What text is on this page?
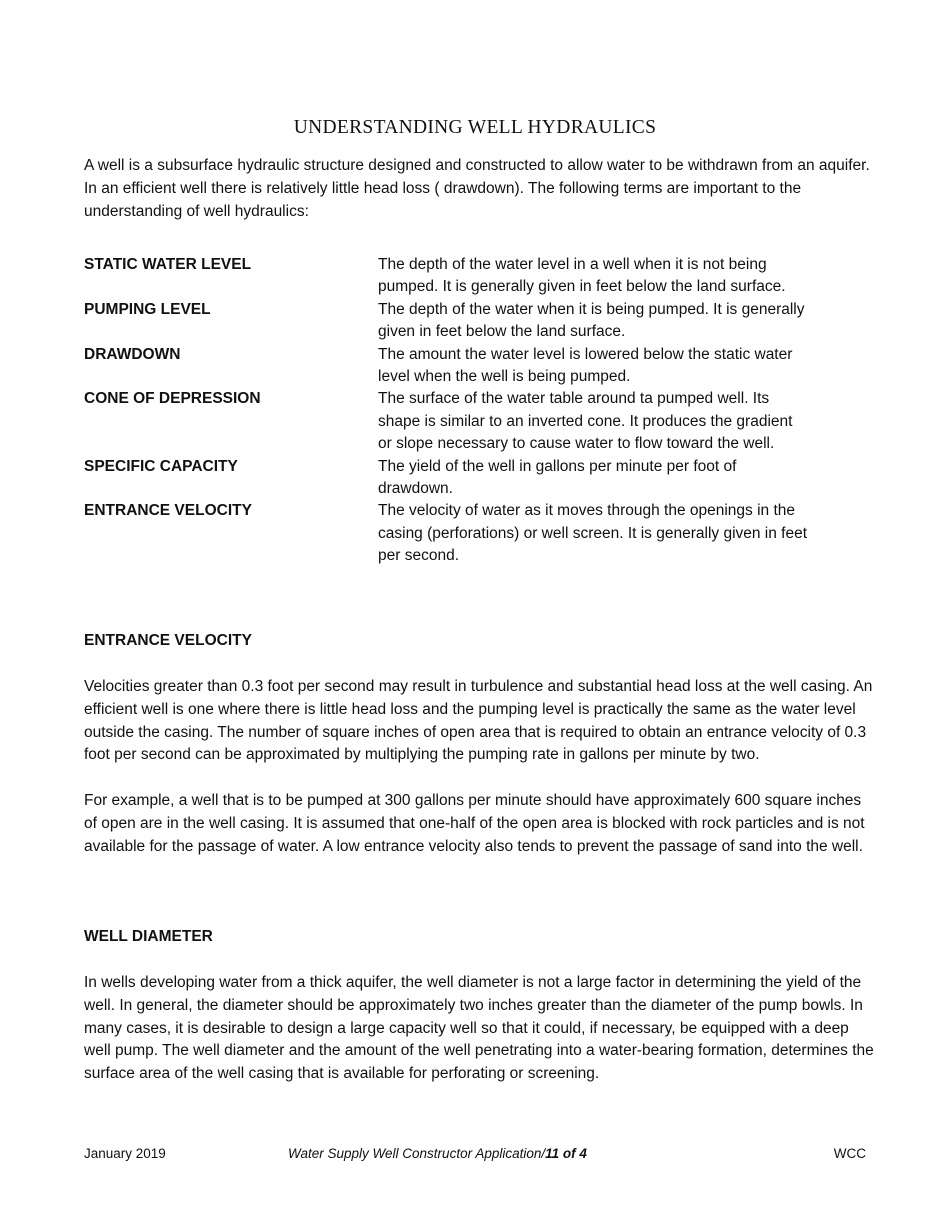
UNDERSTANDING WELL HYDRAULICS

A well is a subsurface hydraulic structure designed and constructed to allow water to be withdrawn from an aquifer. In an efficient well there is relatively little head loss ( drawdown). The following terms are important to the understanding of well hydraulics:

STATIC WATER LEVEL	The depth of the water level in a well when it is not being pumped. It is generally given in feet below the land surface.
PUMPING LEVEL	The depth of the water when it is being pumped. It is generally given in feet below the land surface.
DRAWDOWN	The amount the water level is lowered below the static water level when the well is being pumped.
CONE OF DEPRESSION	The surface of the water table around ta pumped well. Its shape is similar to an inverted cone. It produces the gradient or slope necessary to cause water to flow toward the well.
SPECIFIC CAPACITY	The yield of the well in gallons per minute per foot of drawdown.
ENTRANCE VELOCITY	The velocity of water as it moves through the openings in the casing (perforations) or well screen. It is generally given in feet per second.
ENTRANCE VELOCITY

Velocities greater than 0.3 foot per second may result in turbulence and substantial head loss at the well casing. An efficient well is one where there is little head loss and the pumping level is practically the same as the water level outside the casing. The number of square inches of open area that is required to obtain an entrance velocity of 0.3 foot per second can be approximated by multiplying the pumping rate in gallons per minute by two.

For example, a well that is to be pumped at 300 gallons per minute should have approximately 600 square inches of open are in the well casing. It is assumed that one-half of the open area is blocked with rock particles and is not available for the passage of water. A low entrance velocity also tends to prevent the passage of sand into the well.

WELL DIAMETER

In wells developing water from a thick aquifer, the well diameter is not a large factor in determining the yield of the well. In general, the diameter should be approximately two inches greater than the diameter of the pump bowls. In many cases, it is desirable to design a large capacity well so that it could, if necessary, be equipped with a deep well pump. The well diameter and the amount of the well penetrating into a water-bearing formation, determines the surface area of the well casing that is available for perforating or screening.

January 2019	Water Supply Well Constructor Application/11 of 4	WCC
